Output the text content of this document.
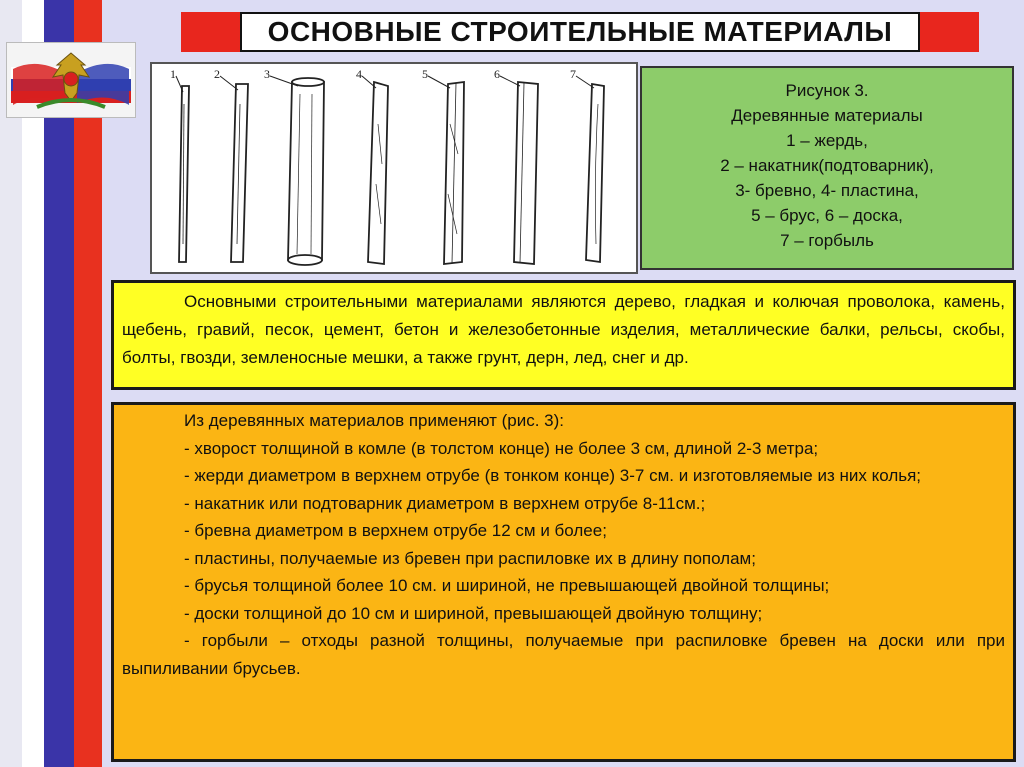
ОСНОВНЫЕ СТРОИТЕЛЬНЫЕ МАТЕРИАЛЫ
1	2	3	4	5	6	7
Рисунок 3.
Деревянные материалы
1 – жердь,
2 – накатник(подтоварник),
3- бревно, 4- пластина,
5 – брус, 6 – доска,
7 – горбыль

Основными строительными материалами являются дерево, гладкая и колючая проволока, камень, щебень, гравий, песок, цемент, бетон и железобетонные изделия, металлические балки, рельсы, скобы, болты, гвозди, земленосные мешки, а также грунт, дерн, лед, снег и др.

Из деревянных материалов применяют (рис. 3):

- хворост толщиной в комле (в толстом конце) не более 3 см, длиной 2-3 метра;

- жерди диаметром в верхнем отрубе (в тонком конце) 3-7 см. и изготовляемые из них колья;

- накатник или подтоварник диаметром в верхнем отрубе 8-11см.;

- бревна диаметром в верхнем отрубе 12 см и более;

- пластины, получаемые из бревен при распиловке их в длину пополам;

- брусья толщиной более 10 см. и шириной, не превышающей двойной толщины;

- доски толщиной до 10 см и шириной, превышающей двойную толщину;

- горбыли – отходы разной толщины, получаемые при распиловке бревен на доски или при выпиливании брусьев.
